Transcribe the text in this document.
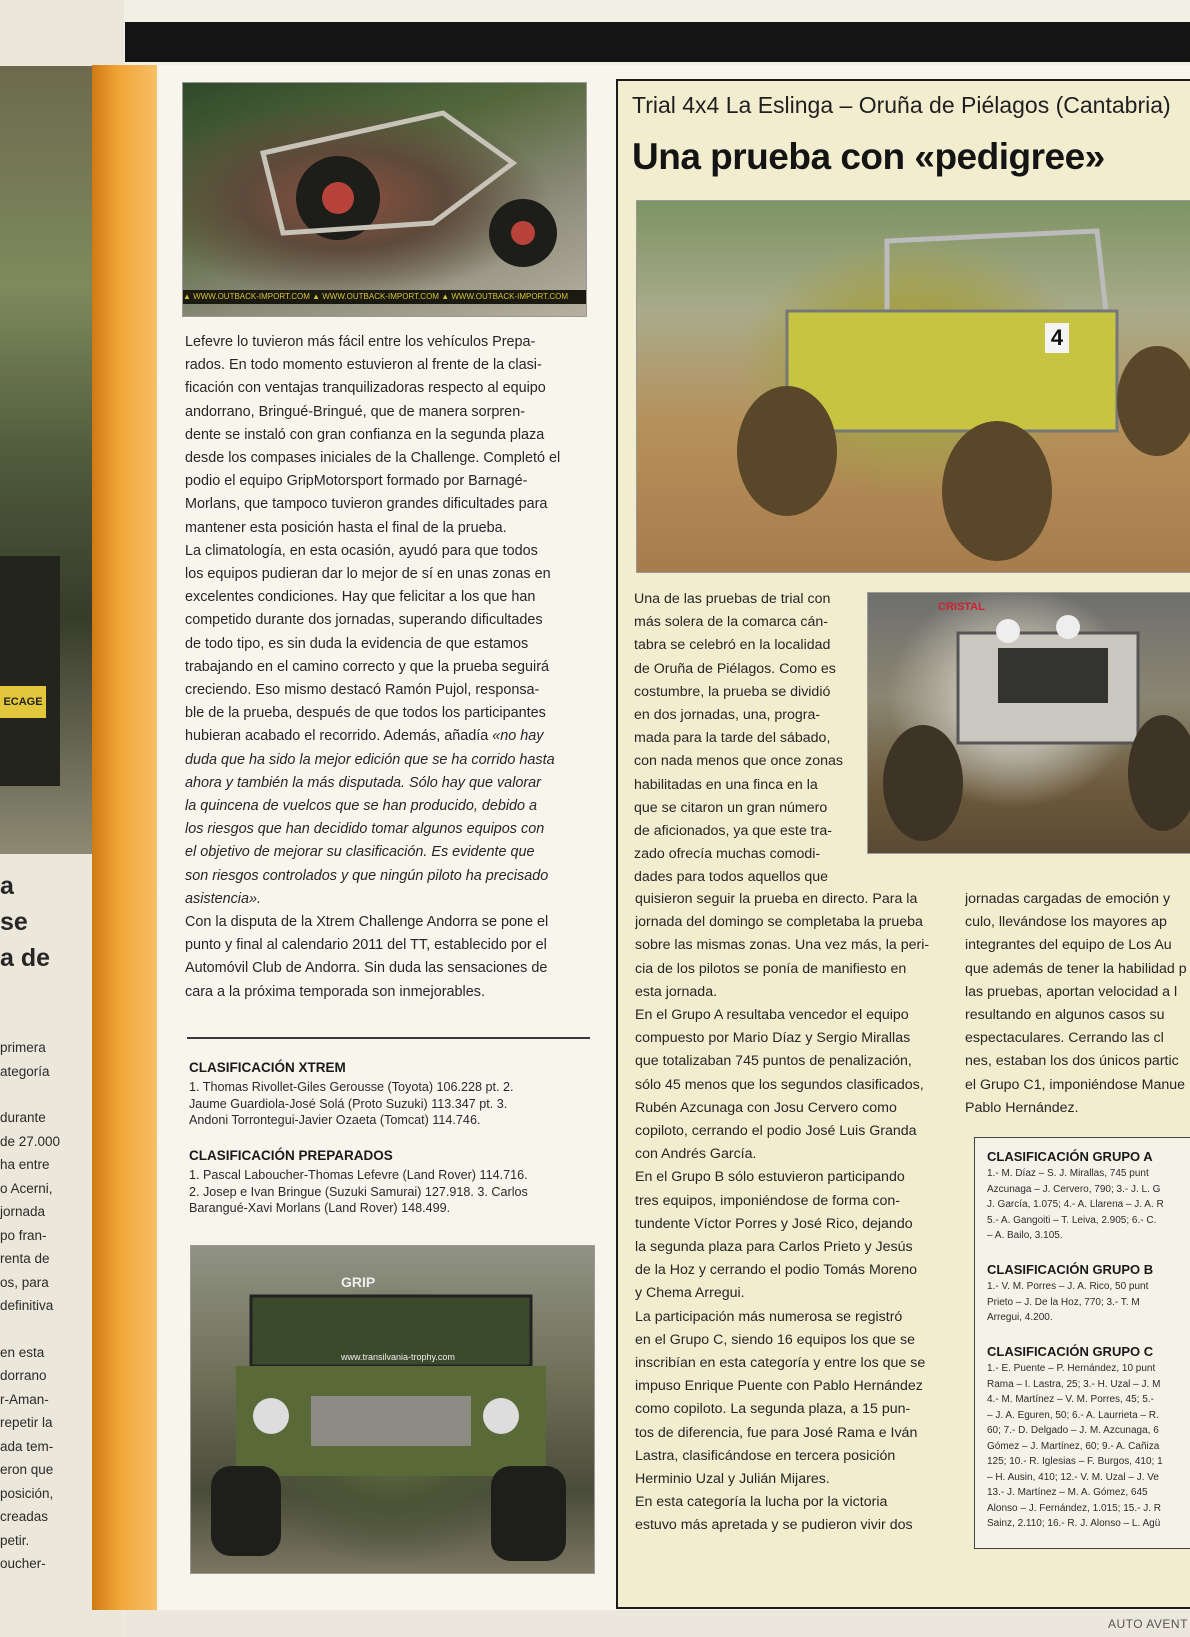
ECAGE
a
se
a de
primera
ategoría
durante
de 27.000
ha entre
o Acerni,
jornada
po fran-
renta de
os, para
definitiva
en esta
dorrano
r-Aman-
repetir la
ada tem-
eron que
posición,
creadas
petir.
oucher-
▲ WWW.OUTBACK-IMPORT.COM ▲ WWW.OUTBACK-IMPORT.COM ▲ WWW.OUTBACK-IMPORT.COM
Lefevre lo tuvieron más fácil entre los vehículos Prepa-
rados. En todo momento estuvieron al frente de la clasi-
ficación con ventajas tranquilizadoras respecto al equipo
andorrano, Bringué-Bringué, que de manera sorpren-
dente se instaló con gran confianza en la segunda plaza
desde los compases iniciales de la Challenge. Completó el
podio el equipo GripMotorsport formado por Barnagé-
Morlans, que tampoco tuvieron grandes dificultades para
mantener esta posición hasta el final de la prueba.
La climatología, en esta ocasión, ayudó para que todos
los equipos pudieran dar lo mejor de sí en unas zonas en
excelentes condiciones. Hay que felicitar a los que han
competido durante dos jornadas, superando dificultades
de todo tipo, es sin duda la evidencia de que estamos
trabajando en el camino correcto y que la prueba seguirá
creciendo. Eso mismo destacó Ramón Pujol, responsa-
ble de la prueba, después de que todos los participantes
hubieran acabado el recorrido. Además, añadía «no hay
duda que ha sido la mejor edición que se ha corrido hasta
ahora y también la más disputada. Sólo hay que valorar
la quincena de vuelcos que se han producido, debido a
los riesgos que han decidido tomar algunos equipos con
el objetivo de mejorar su clasificación. Es evidente que
son riesgos controlados y que ningún piloto ha precisado
asistencia».
Con la disputa de la Xtrem Challenge Andorra se pone el
punto y final al calendario 2011 del TT, establecido por el
Automóvil Club de Andorra. Sin duda las sensaciones de
cara a la próxima temporada son inmejorables.
CLASIFICACIÓN XTREM
1. Thomas Rivollet-Giles Gerousse (Toyota) 106.228 pt. 2.
Jaume Guardiola-José Solá (Proto Suzuki) 113.347 pt. 3.
Andoni Torrontegui-Javier Ozaeta (Tomcat) 114.746.
CLASIFICACIÓN PREPARADOS
1. Pascal Laboucher-Thomas Lefevre (Land Rover) 114.716.
2. Josep e Ivan Bringue (Suzuki Samurai) 127.918. 3. Carlos
Barangué-Xavi Morlans (Land Rover) 148.499.
GRIP
www.transilvania-trophy.com
Trial 4x4 La Eslinga – Oruña de Piélagos (Cantabria)
Una prueba con «pedigree»
4
Una de las pruebas de trial con
más solera de la comarca cán-
tabra se celebró en la localidad
de Oruña de Piélagos. Como es
costumbre, la prueba se dividió
en dos jornadas, una, progra-
mada para la tarde del sábado,
con nada menos que once zonas
habilitadas en una finca en la
que se citaron un gran número
de aficionados, ya que este tra-
zado ofrecía muchas comodi-
dades para todos aquellos que
CRISTAL
quisieron seguir la prueba en directo. Para la
jornada del domingo se completaba la prueba
sobre las mismas zonas. Una vez más, la peri-
cia de los pilotos se ponía de manifiesto en
esta jornada.
En el Grupo A resultaba vencedor el equipo
compuesto por Mario Díaz y Sergio Mirallas
que totalizaban 745 puntos de penalización,
sólo 45 menos que los segundos clasificados,
Rubén Azcunaga con Josu Cervero como
copiloto, cerrando el podio José Luis Granda
con Andrés García.
En el Grupo B sólo estuvieron participando
tres equipos, imponiéndose de forma con-
tundente Víctor Porres y José Rico, dejando
la segunda plaza para Carlos Prieto y Jesús
de la Hoz y cerrando el podio Tomás Moreno
y Chema Arregui.
La participación más numerosa se registró
en el Grupo C, siendo 16 equipos los que se
inscribían en esta categoría y entre los que se
impuso Enrique Puente con Pablo Hernández
como copiloto. La segunda plaza, a 15 pun-
tos de diferencia, fue para José Rama e Iván
Lastra, clasificándose en tercera posición
Herminio Uzal y Julián Mijares.
En esta categoría la lucha por la victoria
estuvo más apretada y se pudieron vivir dos
jornadas cargadas de emoción y
culo, llevándose los mayores ap
integrantes del equipo de Los Au
que además de tener la habilidad p
las pruebas, aportan velocidad a l
resultando en algunos casos su
espectaculares. Cerrando las cl
nes, estaban los dos únicos partic
el Grupo C1, imponiéndose Manue
Pablo Hernández.
CLASIFICACIÓN GRUPO A
1.- M. Díaz – S. J. Mirallas, 745 punt
Azcunaga – J. Cervero, 790; 3.- J. L. G
J. García, 1.075; 4.- A. Llarena – J. A. R
5.- A. Gangoiti – T. Leiva, 2.905; 6.- C.
– A. Bailo, 3.105.
CLASIFICACIÓN GRUPO B
1.- V. M. Porres – J. A. Rico, 50 punt
Prieto – J. De la Hoz, 770; 3.- T. M
Arregui, 4.200.
CLASIFICACIÓN GRUPO C
1.- E. Puente – P. Hernández, 10 punt
Rama – I. Lastra, 25; 3.- H. Uzal – J. M
4.- M. Martínez – V. M. Porres, 45; 5.-
– J. A. Eguren, 50; 6.- A. Laurrieta – R.
60; 7.- D. Delgado – J. M. Azcunaga, 6
Gómez – J. Martínez, 60; 9.- A. Cañiza
125; 10.- R. Iglesias – F. Burgos, 410; 1
– H. Ausin, 410; 12.- V. M. Uzal – J. Ve
13.- J. Martínez – M. A. Gómez, 645
Alonso – J. Fernández, 1.015; 15.- J. R
Sainz, 2.110; 16.- R. J. Alonso – L. Agü
AUTO AVENT
